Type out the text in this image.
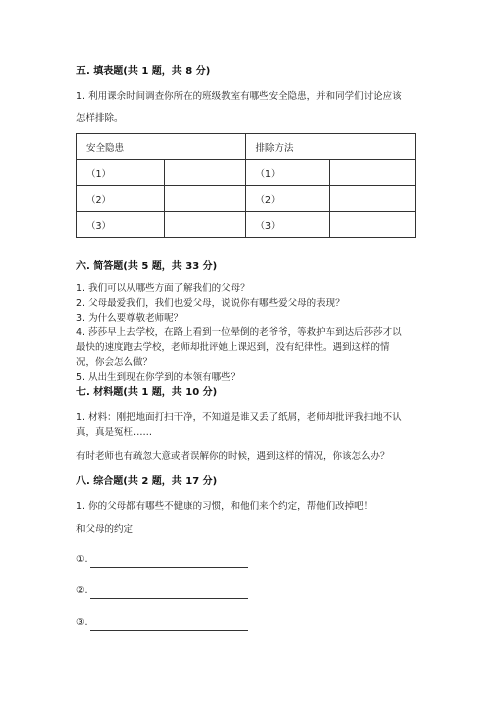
五. 填表题(共 1 题，共 8 分)
1. 利用课余时间调查你所在的班级教室有哪些安全隐患，并和同学们讨论应该
怎样排除。
安全隐患		排除方法	
（1）		（1）	
（2）		（2）	
（3）		（3）	
六. 简答题(共 5 题，共 33 分)
1. 我们可以从哪些方面了解我们的父母？
2. 父母最爱我们，我们也爱父母，说说你有哪些爱父母的表现？
3. 为什么要尊敬老师呢？
4. 莎莎早上去学校，在路上看到一位晕倒的老爷爷，等救护车到达后莎莎才以
最快的速度跑去学校，老师却批评她上课迟到，没有纪律性。遇到这样的情
况，你会怎么做？
5. 从出生到现在你学到的本领有哪些？
七. 材料题(共 1 题，共 10 分)
1. 材料：刚把地面打扫干净，不知道是谁又丢了纸屑，老师却批评我扫地不认
真，真是冤枉……
有时老师也有疏忽大意或者误解你的时候，遇到这样的情况，你该怎么办？
八. 综合题(共 2 题，共 17 分)
1. 你的父母都有哪些不健康的习惯，和他们来个约定，帮他们改掉吧！
和父母的约定
①.
②.
③.
